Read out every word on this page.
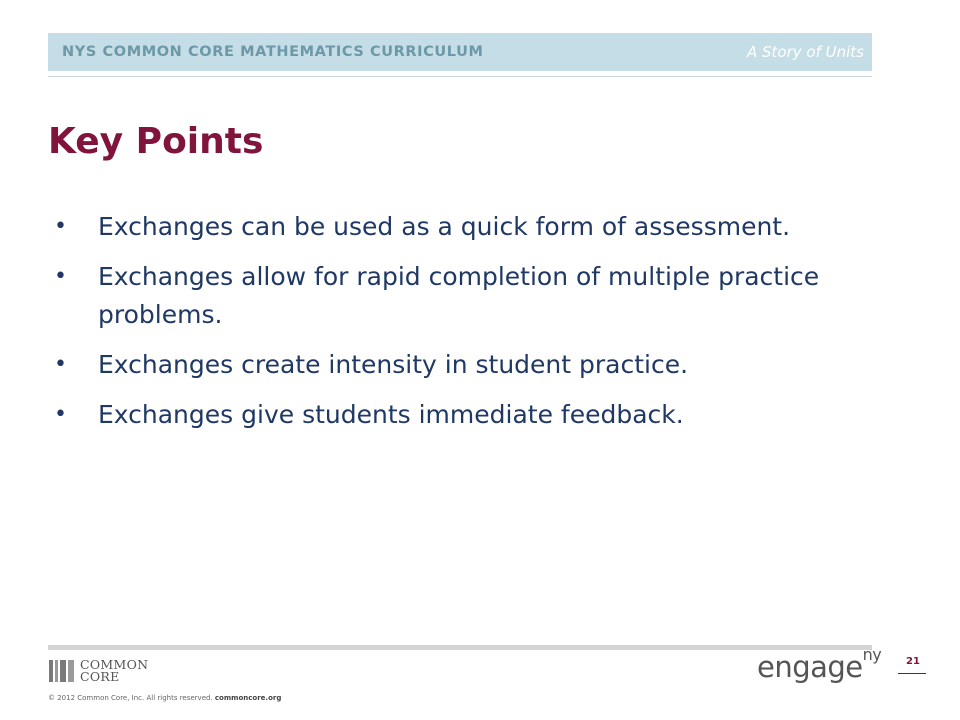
NYS COMMON CORE MATHEMATICS CURRICULUM	A Story of Units
Key Points
• Exchanges can be used as a quick form of assessment.
• Exchanges allow for rapid completion of multiple practice problems.
• Exchanges create intensity in student practice.
• Exchanges give students immediate feedback.
COMMON
CORE
© 2012 Common Core, Inc. All rights reserved. commoncore.org
engage$^{ny}$	21
